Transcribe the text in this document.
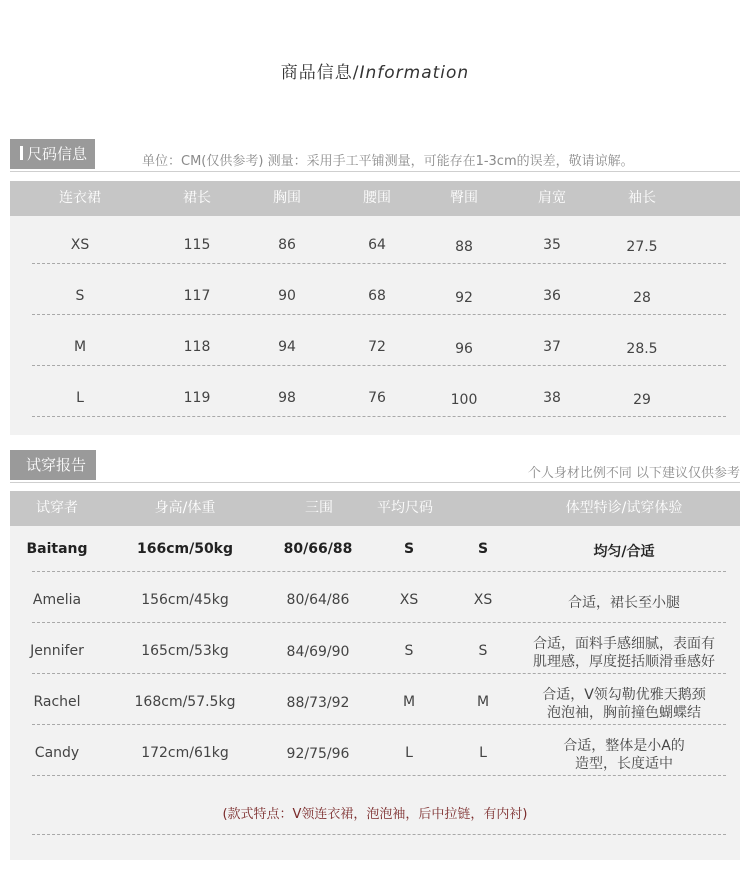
商品信息/Information
尺码信息	单位：CM(仅供参考) 测量：采用手工平铺测量，可能存在1-3cm的误差，敬请谅解。
连衣裙	裙长	胸围	腰围	臀围	肩宽	袖长
XS	115	86	64	88	35	27.5
S	117	90	68	92	36	28
M	118	94	72	96	37	28.5
L	119	98	76	100	38	29
试穿报告	个人身材比例不同 以下建议仅供参考
试穿者	身高/体重	三围	平均尺码	体型特诊/试穿体验
Baitang	166cm/50kg	80/66/88	S	S	均匀/合适
Amelia	156cm/45kg	80/64/86	XS	XS	合适，裙长至小腿
Jennifer	165cm/53kg	84/69/90	S	S	合适，面料手感细腻，表面有
肌理感，厚度挺括顺滑垂感好
Rachel	168cm/57.5kg	88/73/92	M	M	合适，V领勾勒优雅天鹅颈
泡泡袖，胸前撞色蝴蝶结
Candy	172cm/61kg	92/75/96	L	L	合适，整体是小A的
造型，长度适中
(款式特点：V领连衣裙，泡泡袖，后中拉链，有内衬)
